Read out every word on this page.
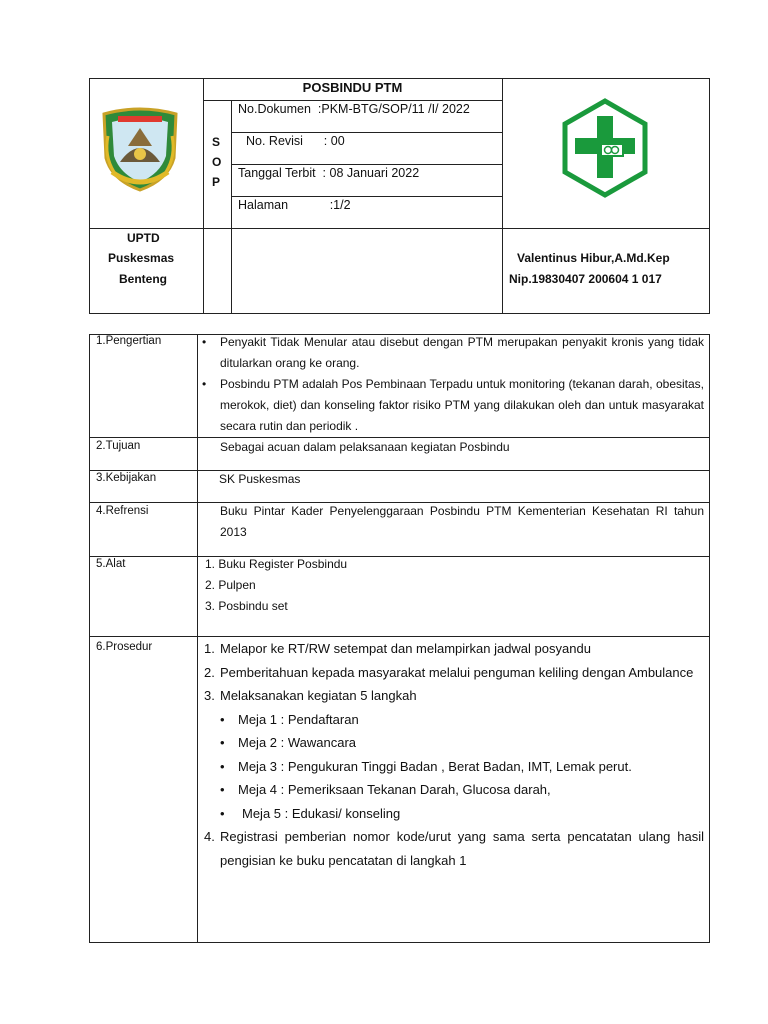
POSBINDU PTM
S
O
P
No.Dokumen  :PKM-BTG/SOP/11 /I/ 2022
No. Revisi      : 00
Tanggal Terbit  : 08 Januari 2022
Halaman            :1/2
UPTD
Puskesmas
Benteng
Valentinus Hibur,A.Md.Kep
Nip.19830407 200604 1 017
1.Pengertian
•	Penyakit Tidak Menular atau disebut dengan PTM merupakan penyakit kronis yang tidak ditularkan orang ke orang.
• Posbindu PTM adalah Pos Pembinaan Terpadu untuk monitoring (tekanan darah, obesitas, merokok, diet) dan konseling faktor risiko PTM yang dilakukan oleh dan untuk masyarakat secara rutin dan periodik .
2.Tujuan	Sebagai acuan dalam pelaksanaan kegiatan Posbindu
3.Kebijakan	SK Puskesmas
4.Refrensi	Buku Pintar Kader Penyelenggaraan Posbindu PTM Kementerian Kesehatan RI tahun 2013
5.Alat	1. Buku Register Posbindu
2. Pulpen
3. Posbindu set
6.Prosedur	1. Melapor ke RT/RW setempat dan melampirkan jadwal posyandu
2. Pemberitahuan kepada masyarakat melalui penguman keliling dengan Ambulance
3. Melaksanakan kegiatan 5 langkah
• Meja 1 : Pendaftaran
• Meja 2 : Wawancara
• Meja 3 : Pengukuran Tinggi Badan , Berat Badan, IMT, Lemak perut.
• Meja 4 : Pemeriksaan Tekanan Darah, Glucosa darah,
• Meja 5 : Edukasi/ konseling
4. Registrasi pemberian nomor kode/urut yang sama serta pencatatan ulang hasil pengisian ke buku pencatatan di langkah 1
